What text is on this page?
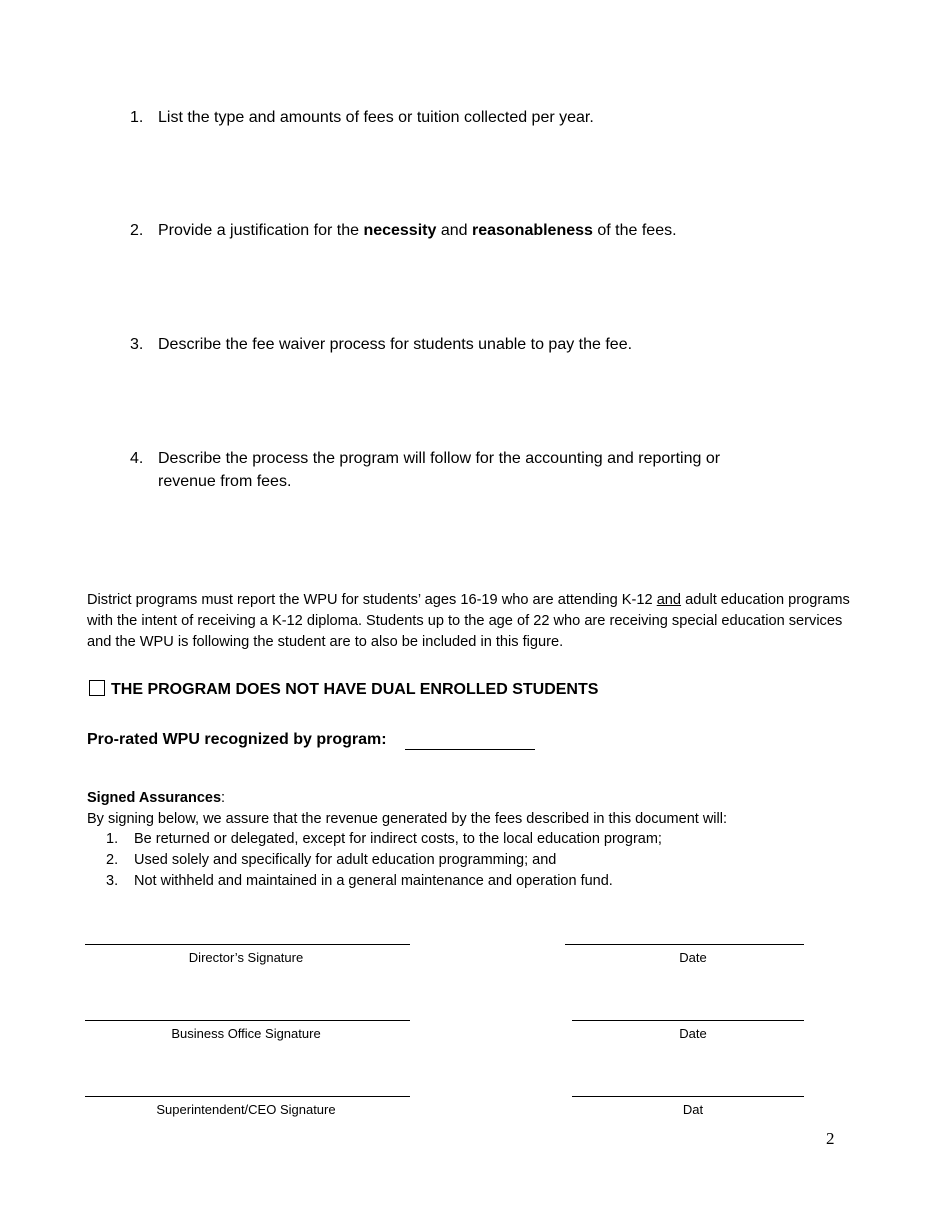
1. List the type and amounts of fees or tuition collected per year.
2. Provide a justification for the necessity and reasonableness of the fees.
3. Describe the fee waiver process for students unable to pay the fee.
4. Describe the process the program will follow for the accounting and reporting or
revenue from fees.
District programs must report the WPU for students’ ages 16-19 who are attending K-12 and adult education programs with the intent of receiving a K-12 diploma. Students up to the age of 22 who are receiving special education services and the WPU is following the student are to also be included in this figure.
THE PROGRAM DOES NOT HAVE DUAL ENROLLED STUDENTS
Pro-rated WPU recognized by program:
Signed Assurances:
By signing below, we assure that the revenue generated by the fees described in this document will:
1. Be returned or delegated, except for indirect costs, to the local education program;
2. Used solely and specifically for adult education programming; and
3. Not withheld and maintained in a general maintenance and operation fund.
Director’s Signature	Date
Business Office Signature	Date
Superintendent/CEO Signature	Dat
2
